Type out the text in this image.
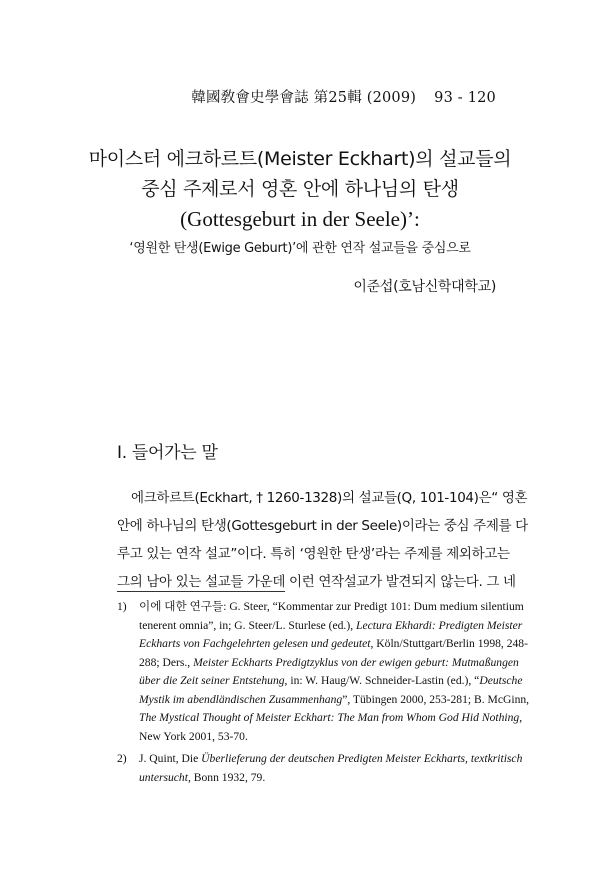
韓國敎會史學會誌 第25輯 (2009) 93 - 120
마이스터 에크하르트(Meister Eckhart)의 설교들의
중심 주제로서 영혼 안에 하나님의 탄생
(Gottesgeburt in der Seele)’:
‘영원한 탄생(Ewige Geburt)’에 관한 연작 설교들을 중심으로
이준섭(호남신학대학교)
I. 들어가는 말
에크하르트(Eckhart, † 1260-1328)의 설교들(Q, 101-104)은“ 영혼
안에 하나님의 탄생(Gottesgeburt in der Seele)이라는 중심 주제를 다
루고 있는 연작 설교”이다. 특히 ‘영원한 탄생’라는 주제를 제외하고는
그의 남아 있는 설교들 가운데 이런 연작설교가 발견되지 않는다. 그 네
1) 이에 대한 연구들: G. Steer, “Kommentar zur Predigt 101: Dum medium silentium
tenerent omnia”, in; G. Steer/L. Sturlese (ed.), Lectura Ekhardi: Predigten Meister
Eckharts von Fachgelehrten gelesen und gedeutet, Köln/Stuttgart/Berlin 1998, 248-
288; Ders., Meister Eckharts Predigtzyklus von der ewigen geburt: Mutmaßungen
über die Zeit seiner Entstehung, in: W. Haug/W. Schneider-Lastin (ed.), “Deutsche
Mystik im abendländischen Zusammenhang”, Tübingen 2000, 253-281; B. McGinn,
The Mystical Thought of Meister Eckhart: The Man from Whom God Hid Nothing,
New York 2001, 53-70.
2) J. Quint, Die Überlieferung der deutschen Predigten Meister Eckharts, textkritisch
untersucht, Bonn 1932, 79.
